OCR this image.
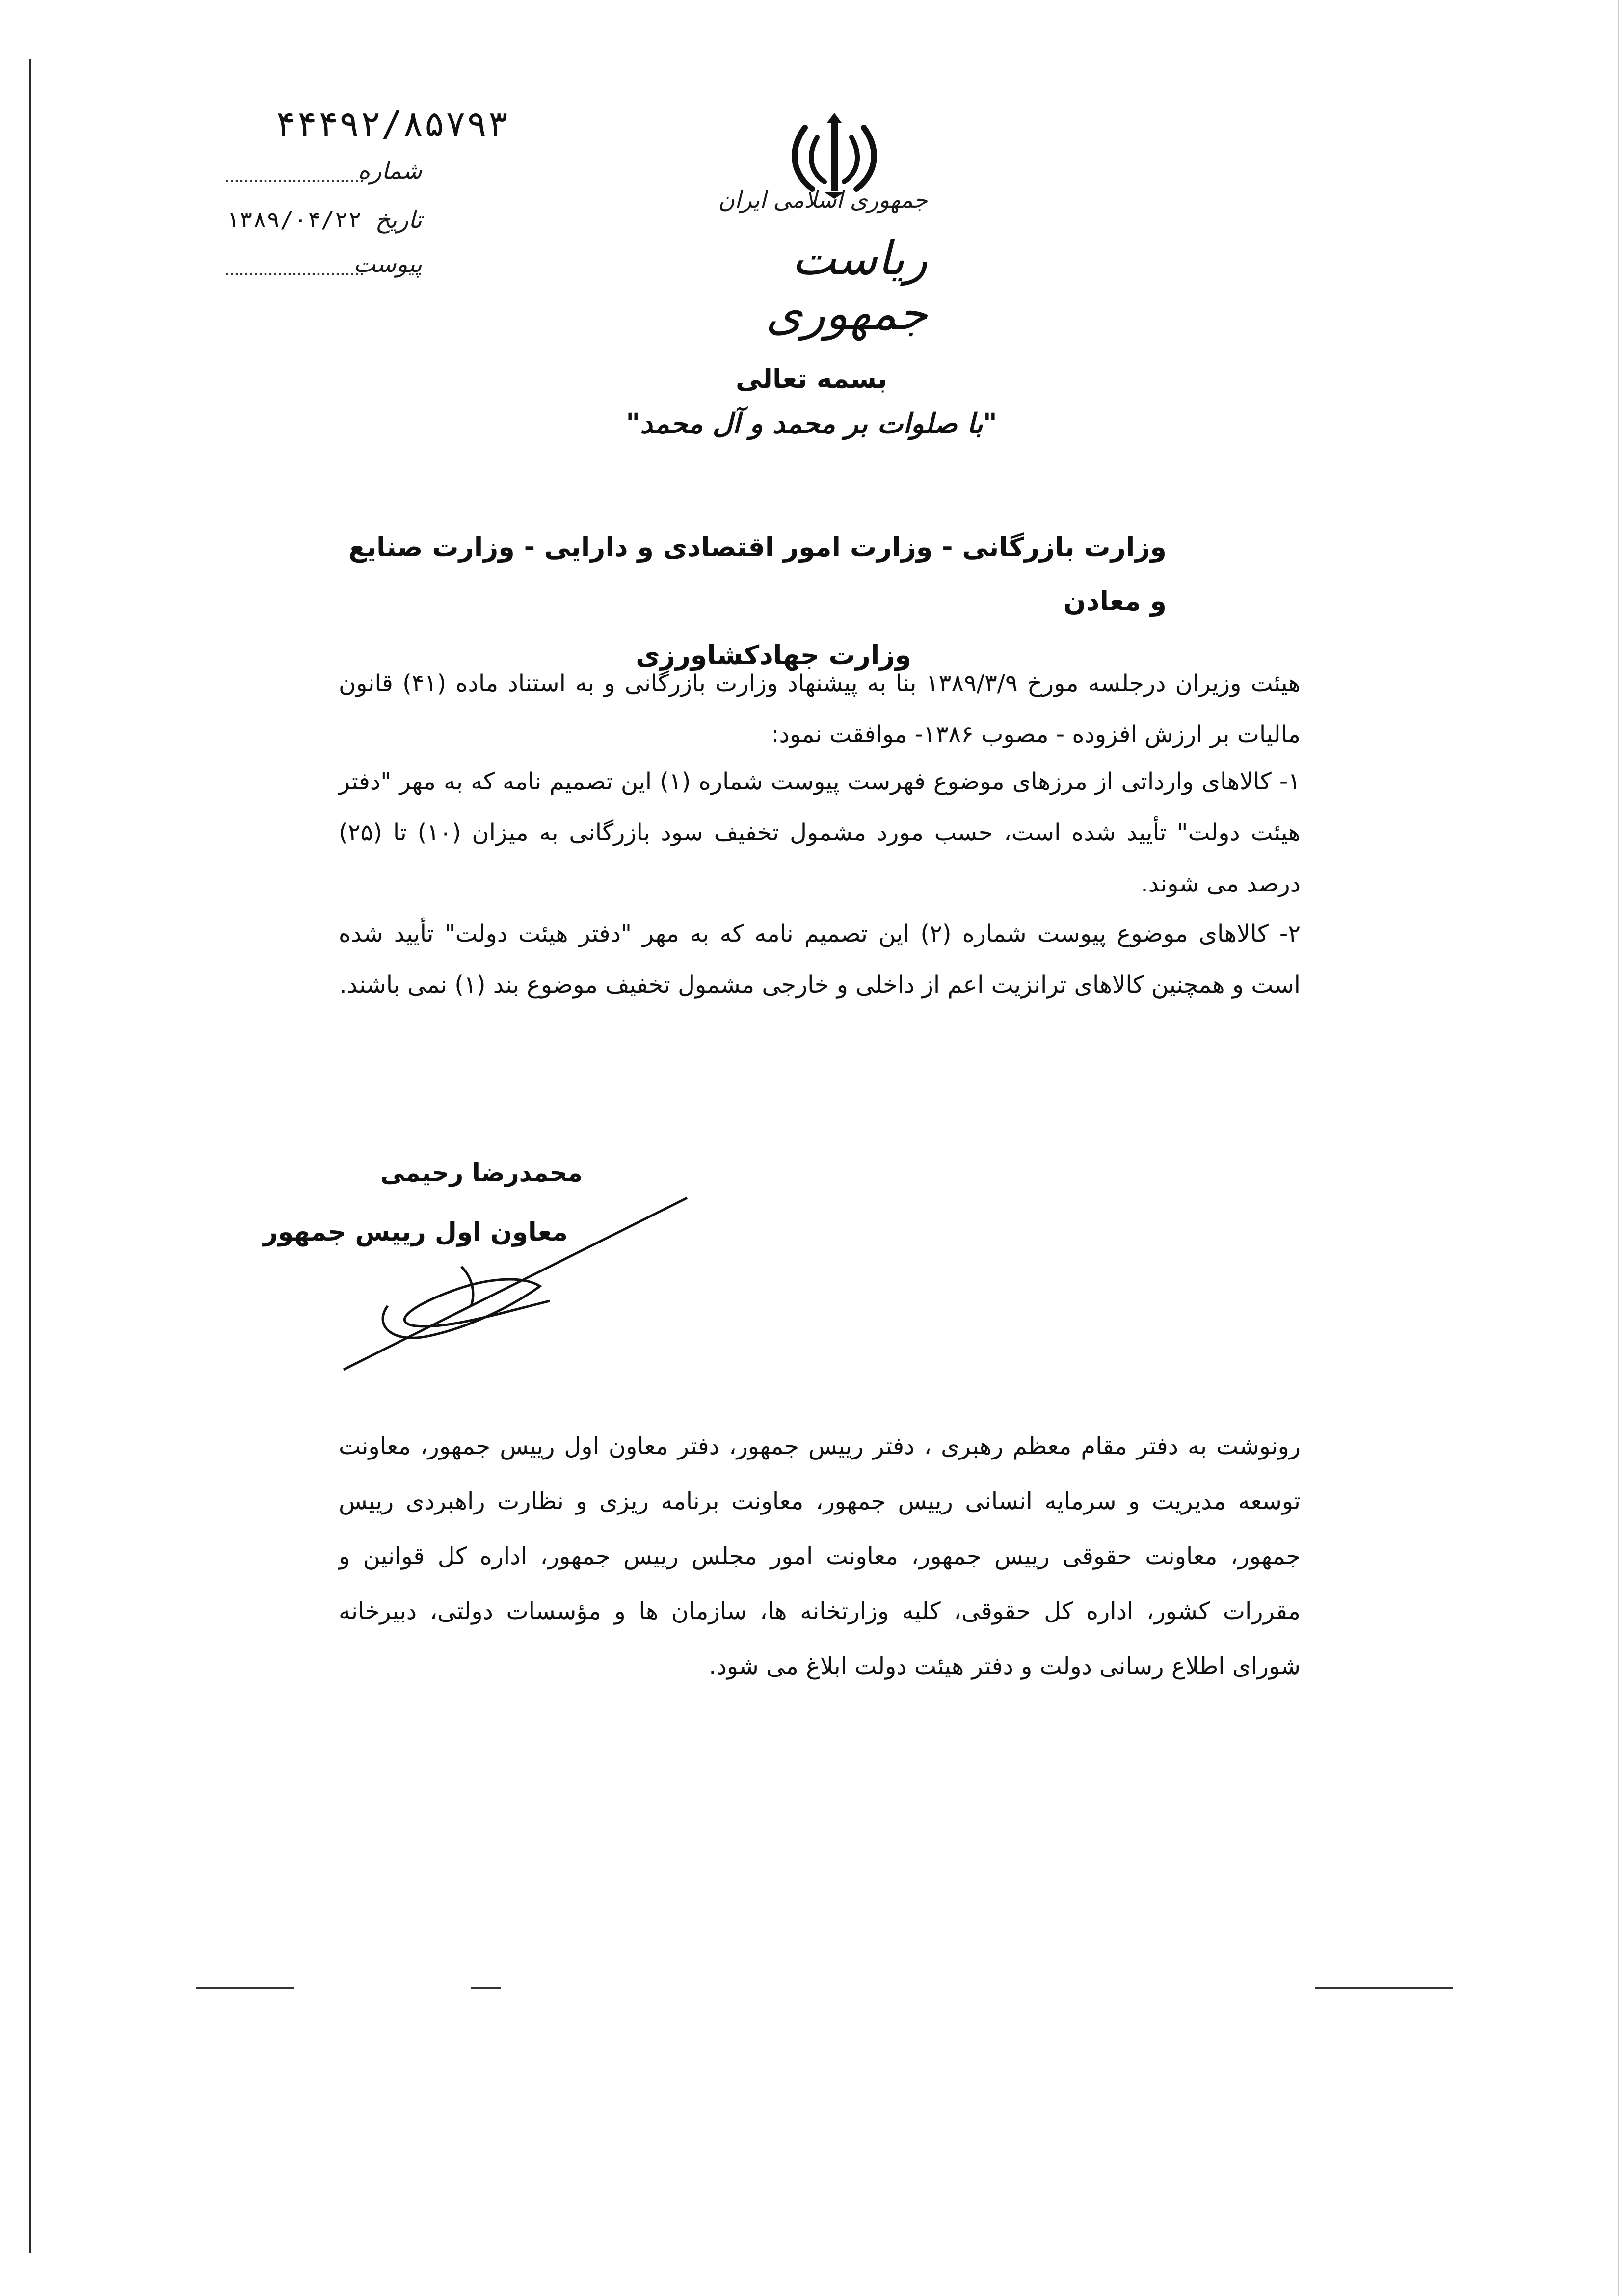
جمهوری اسلامی ایران
ریاست جمهوری
۴۴۴۹۲/۸۵۷۹۳
شماره
تاریخ
۱۳۸۹/۰۴/۲۲
پیوست
بسمه تعالی
"با صلوات بر محمد و آل محمد"
وزارت بازرگانی - وزارت امور اقتصادی و دارایی - وزارت صنایع و معادن
وزارت جهادکشاورزی
هیئت وزیران درجلسه مورخ ۱۳۸۹/۳/۹ بنا به پیشنهاد وزارت بازرگانی و به استناد ماده (۴۱) قانون مالیات بر ارزش افزوده - مصوب ۱۳۸۶- موافقت نمود:
۱- کالاهای وارداتی از مرزهای موضوع فهرست پیوست شماره (۱) این تصمیم نامه که به مهر "دفتر هیئت دولت" تأیید شده است، حسب مورد مشمول تخفیف سود بازرگانی به میزان (۱۰) تا (۲۵) درصد می شوند.
۲- کالاهای موضوع پیوست شماره (۲) این تصمیم نامه که به مهر "دفتر هیئت دولت" تأیید شده است و همچنین کالاهای ترانزیت اعم از داخلی و خارجی مشمول تخفیف موضوع بند (۱) نمی باشند.
محمدرضا رحیمی
معاون اول رییس جمهور
رونوشت به دفتر مقام معظم رهبری ، دفتر رییس جمهور، دفتر معاون اول رییس جمهور، معاونت توسعه مدیریت و سرمایه انسانی رییس جمهور، معاونت برنامه ریزی و نظارت راهبردی رییس جمهور، معاونت حقوقی رییس جمهور، معاونت امور مجلس رییس جمهور، اداره کل قوانین و مقررات کشور، اداره کل حقوقی، کلیه وزارتخانه ها، سازمان ها و مؤسسات دولتی، دبیرخانه شورای اطلاع رسانی دولت و دفتر هیئت دولت ابلاغ می شود.
